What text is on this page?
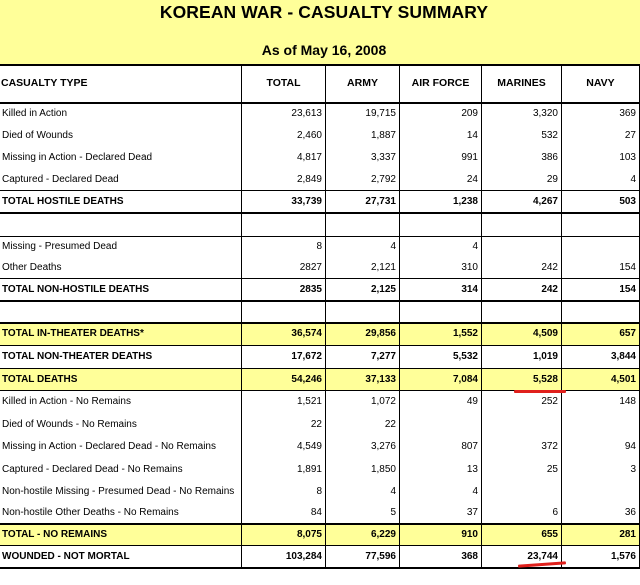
KOREAN WAR - CASUALTY SUMMARY
As of May 16, 2008
CASUALTY TYPE	TOTAL	ARMY	AIR FORCE	MARINES	NAVY
Killed in Action	23,613	19,715	209	3,320	369
Died of Wounds	2,460	1,887	14	532	27
Missing in Action - Declared Dead	4,817	3,337	991	386	103
Captured - Declared Dead	2,849	2,792	24	29	4
TOTAL HOSTILE DEATHS	33,739	27,731	1,238	4,267	503
Missing - Presumed Dead	8	4	4
Other Deaths	2827	2,121	310	242	154
TOTAL NON-HOSTILE DEATHS	2835	2,125	314	242	154
TOTAL IN-THEATER DEATHS*	36,574	29,856	1,552	4,509	657
TOTAL NON-THEATER DEATHS	17,672	7,277	5,532	1,019	3,844
TOTAL DEATHS	54,246	37,133	7,084	5,528	4,501
Killed in Action - No Remains	1,521	1,072	49	252	148
Died of Wounds - No Remains	22	22
Missing in Action - Declared Dead - No Remains	4,549	3,276	807	372	94
Captured - Declared Dead - No Remains	1,891	1,850	13	25	3
Non-hostile Missing - Presumed Dead - No Remains	8	4	4
Non-hostile Other Deaths - No Remains	84	5	37	6	36
TOTAL - NO REMAINS	8,075	6,229	910	655	281
WOUNDED - NOT MORTAL	103,284	77,596	368	23,744	1,576
